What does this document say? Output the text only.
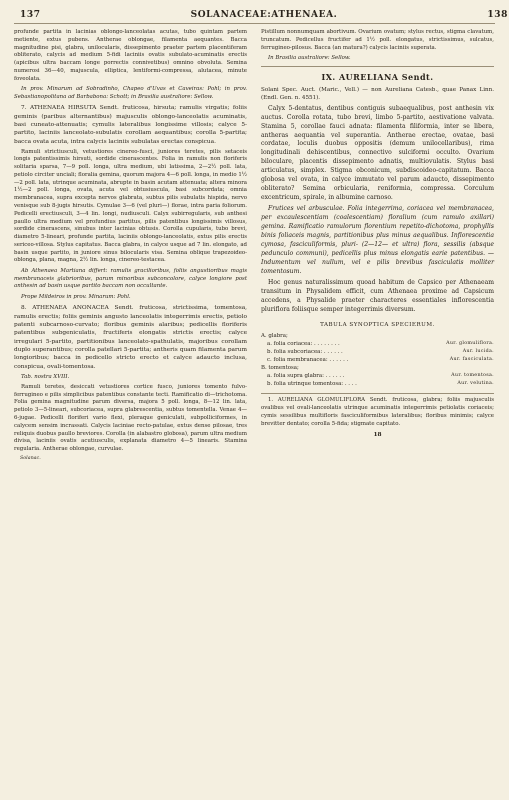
137	SOLANACEAE: ATHENAEA.	138

profunde partita in lacinias oblongo-lanceolatas acutas, tubo quintam partem metiente, extus pubens. Antherae oblongae, filamenta aequantes. Bacca magnitudine pisi, glabra, unilocularis, dissepimento praeter partem placentiferam obliterato, calycis ad medium 5-fidi laciniis ovatis subulato-acuminatis erectis (apicibus ultra baccam longe porrectis connivetibus) omnino obvoluta. Semina numerosi 36—40, majuscula, elliptica, lentiformi-compressa, alutacea, minute foveolata.

In prov. Minarum ad Sobradinho, Chapeo d'Uvas et Caveiras: Pohl; in prov. Sebastianopolitana ad Barbabona: Schott; in Brasilia australiore: Sellow.

7. ATHENAEA HIRSUTA Sendt. fruticosa, hirsuta; ramulis virgatis; foliis geminis (paribus alternantibus) majusculis oblongo-lanceolatis acuminatis, basi cuneato-attenuatis; cymulis lateralibus longissime villosis; calyce 5-partito, laciniis lanceolato-subulatis corollam aequantibus; corolla 5-partita; bacca ovata acuta, intra calycis laciniis subulatas erectas conspicua.

Ramuli strictiusculi, vetustiores cinereo-fusci, juniores teretes, pilis setaceis longis patentissimis hirsuti, sordide cinerascentes. Folia in ramulis non floriferis solitaria sparsa, 7—9 poll. longa, ultra medium, ubi latissima, 2—2½ poll. lata, petiolo circiter unciali; floralia gemina, quorum majora 4—6 poll. longa, in medio 1½—2 poll. lata, utrinque acuminata, abrupte in basin acutam attenuata; altera minora 1½—2 poll. longa, ovata, acuta vel obtusiuscula, basi subcordata; omnia membranacea, supra excepta nervos glabrata, subtus pilis subulatis hispida, nervo venisque sub 8-jugis hirsutis. Cymulae 3—6 (vel pluri—) florae, intra paria foliorum. Pedicelli erectiusculi, 3—4 lin. longi, nudiusculi. Calyx subirregularis, sub anthesi paullo ultra medium vel profundius partitus, pilis patentibus longissimis villosus, sordide cinerascens, sinubus inter lacinias obtusis. Corolla cupularis, tubo brevi, diametro 5-lineari, profunde partita, laciniis oblongo-lanceolatis, extus pilis erectis sericeo-villosa. Stylus capitatus. Bacca glabra, in calyce usque ad 7 lin. elongato, ad basin usque partito, in juniore sinus bilocularis visa. Semina oblique trapezoideo-oblonga, plana, magna, 2½ lin. longa, cinereo-testacea.

Ab Athenaea Martiana differt: ramulis gracilioribus, foliis angustioribus magis membranaceis glabrioribus, parum minoribus subconcolore, calyce longiore post anthesin ad basin usque partito baccam non occultante.

Prope Mildeiros in prov. Minarum: Pohl.

8. ATHENAEA ANONACEA Sendt. fruticosa, strictissima, tomentosa, ramulis erectis; foliis geminis angusto lanceolatis integerrimis erectis, petiolo patenti subcarnoso-curvato; floribus geminis alaribus; pedicellis floriferis patentibus subgeniculatis, fructiferis elongatis strictis erectis; calyce irregulari 5-partito, partitionibus lanceolato-spathulatis, majoribus corollam duplo superantibus; corolla patellari 5-partita; antheris quam filamenta parum longioribus; bacca in pedicello stricto erecto et calyce adaucto inclusa, conspicua, ovali-tomentosa.

Tab. nostra XVIII.

Ramuli teretes, desiccati vetustiores cortice fusco, juniores tomento fulvo-ferrugineo e pilis simplicibus patentibus constante tecti. Ramificatio di—trichotoma. Folia gemina magnitudine parum diversa, majora 5 poll. longa, 8—12 lin. lata, petiolo 3—5-lineari, subcoriacea, supra glabrescentia, subtus tomentella. Venae 4—6-jugae. Pedicelli floriferi vario flexi, pleraque geniculati, subpolliciformes, in calycem sensim incrassati. Calycis laciniae recto-patulae, extus dense pilosae, tres reliquis duobus paullo breviores. Corolla (in alabastro globosa), parum ultra medium divisa, laciniis ovatis acutiusculis, explanata diametro 4—5 linearis. Stamina regularia. Antherae oblongae, curvulae.

Solanac.

Pistillum nonnumquam abortivum. Ovarium ovatum; stylus rectus, stigma clavatum, truncatum. Pedicellus fructifer ad 1½ poll. elongatus, strictissimus, sulcatus, ferrugineo-pilosus. Bacca (an matura?) calycis laciniis superata.

In Brasilia australiore: Sellow.

IX. AURELIANA Sendt.

Solani Spec. Auct. (Maric., Vell.) — non Aureliana Catesb., quae Panax Linn. (Endl. Gen. n. 4551).

Calyx 5-dentatus, dentibus contiguis subaequalibus, post anthesin vix auctus. Corolla rotata, tubo brevi, limbo 5-partito, aestivatione valvata. Stamina 5, corollae fauci adnata: filamenta filiformia, inter se libera, antheras aequantia vel superantia. Antherae erectae, ovatae, basi cordatae, loculis duobus oppositis (demum unilocellaribus), rima longitudinali dehiscentibus, connectivo sulciformi occulto. Ovarium biloculare, placentis dissepimento adnatis, multiovulatis. Stylus basi articulatus, simplex. Stigma obconicum, subdiscoideo-capitatum. Bacca globosa vel ovata, in calyce immutato vel parum adaucto, dissepimento obliterato? Semina orbicularia, reniformia, compressa. Corculum excentricum, spirale, in albumine carnoso.

Frutices vel arbusculae. Folia integerrima, coriacea vel membranacea, per excaulescentiam (coalescentiam) floralium (cum ramulo axillari) gemina. Ramificatio ramulorum florentium repetito-dichotoma, prophyllis binis foliaceis magnis, partitionibus plus minus aequalibus. Inflorescentia cymosa, fasciculiformis, pluri- (2—12— et ultra) flora, sessilis (absque pedunculo communi), pedicellis plus minus elongatis earie patentibus. — Indumentum vel nullum, vel e pilis brevibus fasciculatis molliter tomentosum.

Hoc genus naturalissimum quoad habitum de Capsico per Athenaeam transitum in Physalidem efficit, cum Athenaea proxime ad Capsicum accedens, a Physalide praeter characteres essentiales inflorescentia pluriflora foliisque semper integerrimis diversum.

TABULA SYNOPTICA SPECIERUM.
A. glabra;
a. folia coriacea: . . . . . . . .	Aur. glomuliflora.
b. folia subcoriacea: . . . . . .	Aur. lucida.
c. folia membranacea: . . . . . .	Aur. fasciculata.
B. tomentosa;
a. folia supra glabra: . . . . . .	Aur. tomentosa.
b. folia utrinque tomentosa: . . . .	Aur. velutina.

1. AURELIANA GLOMULIFLORA Sendt. fruticosa, glabra; foliis majusculis ovalibus vel ovali-lanceolatis utrinque acuminatis integerrimis petiolatis coriaceis; cymis sessilibus multifloris fasciculiformibus lateralibus; floribus minimis; calyce brevitter dentato; corolla 5-fida; stigmate capitato.

18
